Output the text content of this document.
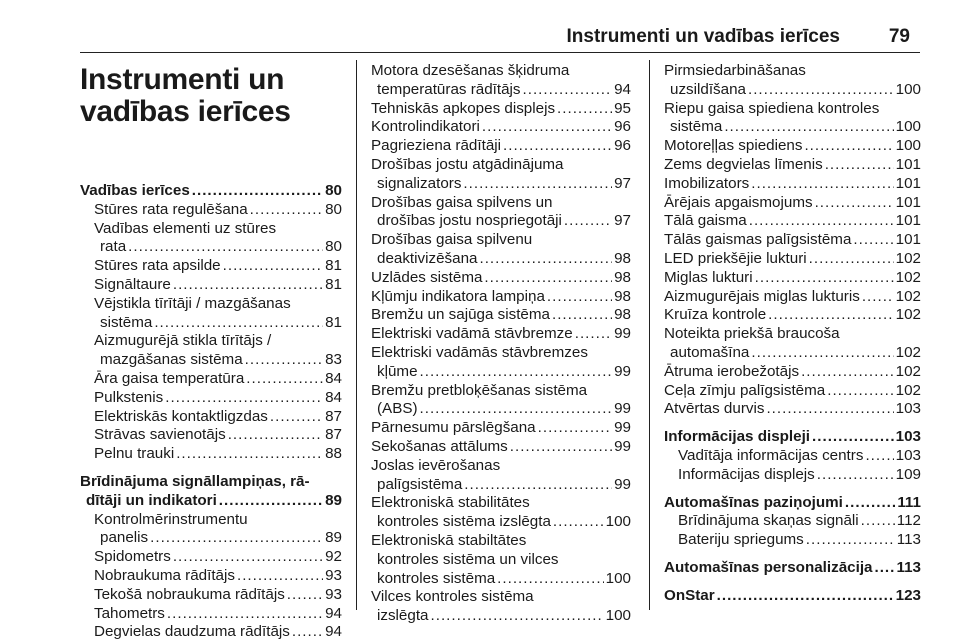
Instrumenti un vadības ierīces	79
Instrumenti un
vadības ierīces
Vadības ierīces .....	80
Stūres rata regulēšana .....	80
Vadības elementi uz stūres
rata .....	80
Stūres rata apsilde .....	81
Signāltaure .....	81
Vējstikla tīrītāji / mazgāšanas
sistēma .....	81
Aizmugurējā stikla tīrītājs /
mazgāšanas sistēma .....	83
Āra gaisa temperatūra .....	84
Pulkstenis .....	84
Elektriskās kontaktligzdas .....	87
Strāvas savienotājs .....	87
Pelnu trauki .....	88
Brīdinājuma signāllampiņas, rā-
dītāji un indikatori .....	89
Kontrolmērinstrumentu
panelis .....	89
Spidometrs .....	92
Nobraukuma rādītājs .....	93
Tekošā nobraukuma rādītājs .....	93
Tahometrs .....	94
Degvielas daudzuma rādītājs ..... 94
Motora dzesēšanas šķidruma
temperatūras rādītājs .....	94
Tehniskās apkopes displejs .....	95
Kontrolindikatori .....	96
Pagrieziena rādītāji .....	96
Drošības jostu atgādinājuma
signalizators .....	97
Drošības gaisa spilvens un
drošības jostu nospriegotāji .....	97
Drošības gaisa spilvenu
deaktivizēšana .....	98
Uzlādes sistēma .....	98
Kļūmju indikatora lampiņa .....	98
Bremžu un sajūga sistēma .....	98
Elektriski vadāmā stāvbremze .....	99
Elektriski vadāmās stāvbremzes
kļūme .....	99
Bremžu pretbloķēšanas sistēma
(ABS) .....	99
Pārnesumu pārslēgšana .....	99
Sekošanas attālums .....	99
Joslas ievērošanas
palīgsistēma .....	99
Elektroniskā stabilitātes
kontroles sistēma izslēgta .....	100
Elektroniskā stabiltātes
kontroles sistēma un vilces
kontroles sistēma .....	100
Vilces kontroles sistēma
izslēgta .....	100
Pirmsiedarbināšanas
uzsildīšana .....	100
Riepu gaisa spiediena kontroles
sistēma .....	100
Motoreļļas spiediens .....	100
Zems degvielas līmenis .....	101
Imobilizators .....	101
Ārējais apgaismojums .....	101
Tālā gaisma .....	101
Tālās gaismas palīgsistēma .....	101
LED priekšējie lukturi .....	102
Miglas lukturi .....	102
Aizmugurējais miglas lukturis ..... 102
Kruīza kontrole .....	102
Noteikta priekšā braucoša
automašīna .....	102
Ātruma ierobežotājs .....	102
Ceļa zīmju palīgsistēma .....	102
Atvērtas durvis .....	103
Informācijas displeji .....	103
Vadītāja informācijas centrs ..... 103
Informācijas displejs .....	109
Automašīnas paziņojumi .....	111
Brīdinājuma skaņas signāli .....	112
Bateriju spriegums .....	113
Automašīnas personalizācija ..... 113
OnStar .....	123
